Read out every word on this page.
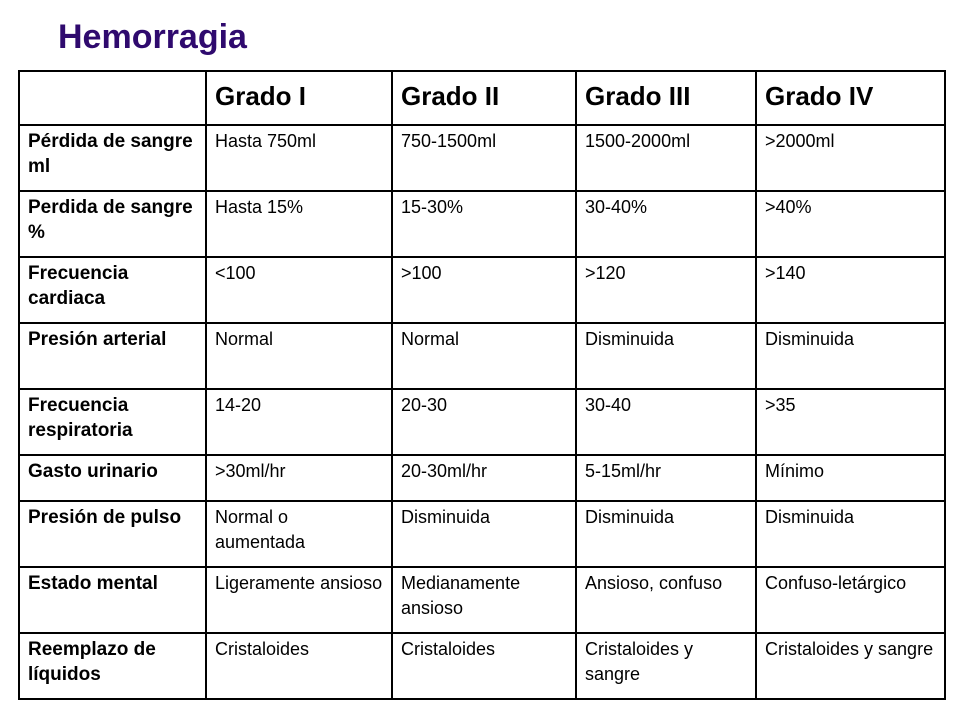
Hemorragia
	Grado I	Grado II	Grado III	Grado IV
Pérdida de sangre ml	Hasta 750ml	750-1500ml	1500-2000ml	>2000ml
Perdida de sangre %	Hasta 15%	15-30%	30-40%	>40%
Frecuencia cardiaca	<100	>100	>120	>140
Presión arterial	Normal	Normal	Disminuida	Disminuida
Frecuencia respiratoria	14-20	20-30	30-40	>35
Gasto urinario	>30ml/hr	20-30ml/hr	5-15ml/hr	Mínimo
Presión de pulso	Normal o aumentada	Disminuida	Disminuida	Disminuida
Estado mental	Ligeramente ansioso	Medianamente ansioso	Ansioso, confuso	Confuso-letárgico
Reemplazo de líquidos	Cristaloides	Cristaloides	Cristaloides y sangre	Cristaloides y sangre
